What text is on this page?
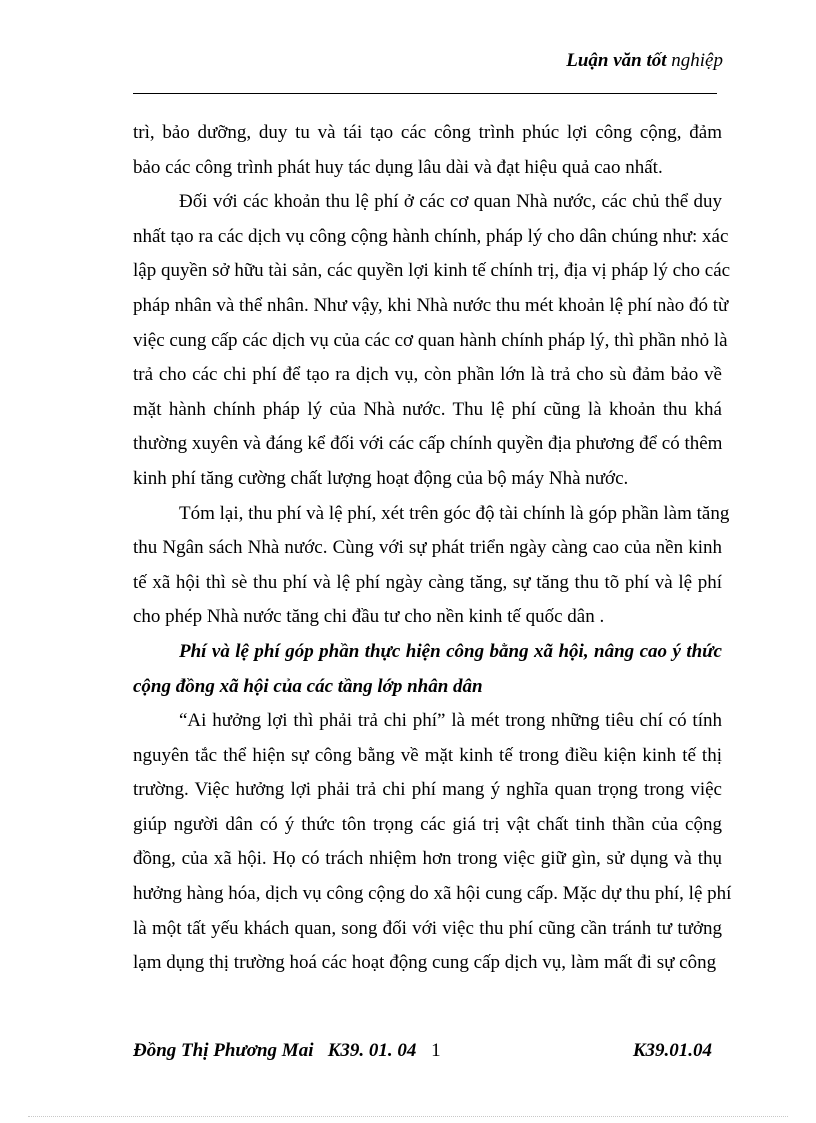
Luận văn tốt nghiệp
trì, bảo dưỡng, duy tu và tái tạo các công trình phúc lợi công cộng, đảm
bảo các công trình phát huy tác dụng lâu dài và đạt hiệu quả cao nhất.
Đối với các khoản thu lệ phí ở các cơ quan Nhà nước, các chủ thể duy
nhất tạo ra các dịch vụ công cộng hành chính, pháp lý cho dân chúng như: xác
lập quyền sở hữu tài sản, các quyền lợi kinh tế chính trị, địa vị pháp lý cho các
pháp nhân và thể nhân. Như vậy, khi Nhà nước thu mét khoản lệ phí nào đó từ
việc cung cấp các dịch vụ của các cơ quan hành chính pháp lý, thì phần nhỏ là
trả cho các chi phí để tạo ra dịch vụ, còn phần lớn là trả cho sù đảm bảo về
mặt hành chính pháp lý của Nhà nước. Thu lệ phí cũng là khoản thu khá
thường xuyên và đáng kể đối với các cấp chính quyền địa phương để có thêm
kinh phí tăng cường chất lượng hoạt động của bộ máy Nhà nước.
Tóm lại, thu phí và lệ phí, xét trên góc độ tài chính là góp phần làm tăng
thu Ngân sách Nhà nước. Cùng với sự phát triển ngày càng cao của nền kinh
tế xã hội thì sè thu phí và lệ phí ngày càng tăng, sự tăng thu tõ phí và lệ phí
cho phép Nhà nước tăng chi đầu tư cho nền kinh tế quốc dân .
Phí và lệ phí góp phần thực hiện công bằng xã hội, nâng cao ý thức
cộng đồng xã hội của các tầng lớp nhân dân
“Ai hưởng lợi thì phải trả chi phí” là mét trong những tiêu chí có tính
nguyên tắc thể hiện sự công bằng về mặt kinh tế trong điều kiện kinh tế thị
trường. Việc hưởng lợi phải trả chi phí mang ý nghĩa quan trọng trong việc
giúp người dân có ý thức tôn trọng các giá trị vật chất tinh thần của cộng
đồng, của xã hội. Họ có trách nhiệm hơn trong việc giữ gìn, sử dụng và thụ
hưởng hàng hóa, dịch vụ công cộng do xã hội cung cấp. Mặc dự thu phí, lệ phí
là một tất yếu khách quan, song đối với việc thu phí cũng cần tránh tư tưởng
lạm dụng thị trường hoá các hoạt động cung cấp dịch vụ, làm mất đi sự công
Đồng Thị Phương Mai   K39. 01. 04 1	K39.01.04
